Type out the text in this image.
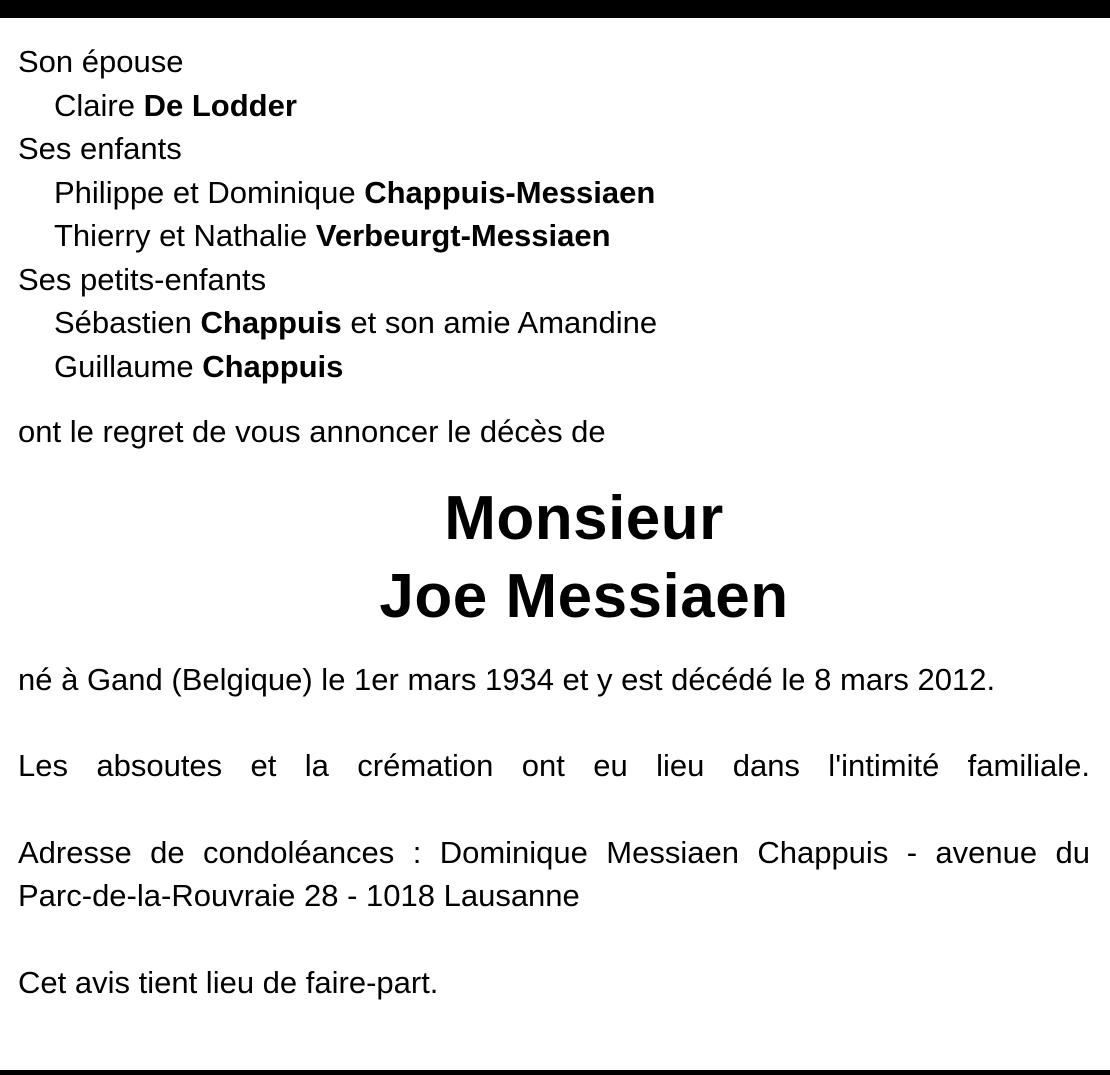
Son épouse

Claire De Lodder

Ses enfants

Philippe et Dominique Chappuis-Messiaen

Thierry et Nathalie Verbeurgt-Messiaen

Ses petits-enfants

Sébastien Chappuis et son amie Amandine

Guillaume Chappuis

ont le regret de vous annoncer le décès de

Monsieur
Joe Messiaen

né à Gand (Belgique) le 1er mars 1934 et y est décédé le 8 mars 2012.

Les absoutes et la crémation ont eu lieu dans l'intimité familiale.

Adresse de condoléances : Dominique Messiaen Chappuis - avenue du
Parc-de-la-Rouvraie 28 - 1018 Lausanne

Cet avis tient lieu de faire-part.
